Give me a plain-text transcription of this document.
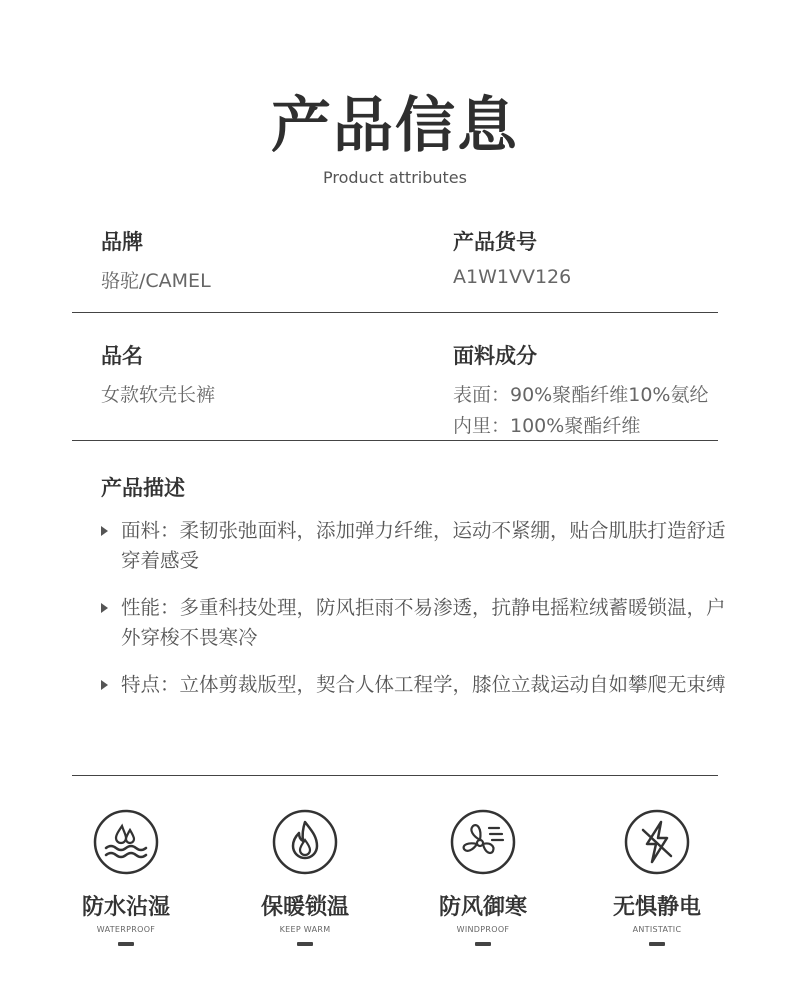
产品信息
Product attributes
品牌
骆驼/CAMEL
产品货号
A1W1VV126
品名
女款软壳长裤
面料成分
表面：90%聚酯纤维10%氨纶
内里：100%聚酯纤维
产品描述
面料：柔韧张弛面料，添加弹力纤维，运动不紧绷，贴合肌肤打造舒适穿着感受
性能：多重科技处理，防风拒雨不易渗透，抗静电摇粒绒蓄暖锁温，户外穿梭不畏寒冷
特点：立体剪裁版型，契合人体工程学，膝位立裁运动自如攀爬无束缚
防水沾湿
WATERPROOF
保暖锁温
KEEP WARM
防风御寒
WINDPROOF
无惧静电
ANTISTATIC
